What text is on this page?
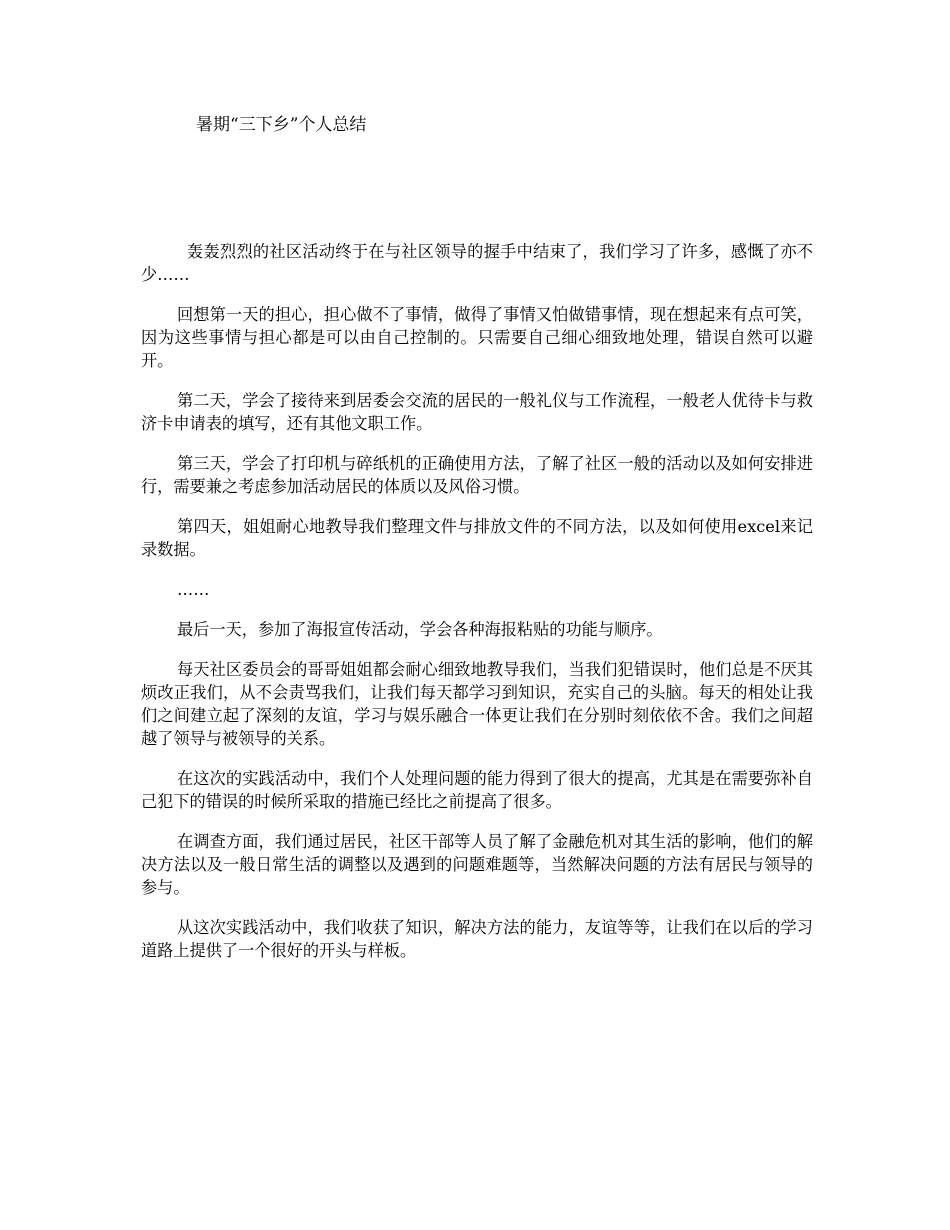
暑期“三下乡”个人总结

轰轰烈烈的社区活动终于在与社区领导的握手中结束了，我们学习了许多，感慨了亦不少……

回想第一天的担心，担心做不了事情，做得了事情又怕做错事情，现在想起来有点可笑，因为这些事情与担心都是可以由自己控制的。只需要自己细心细致地处理，错误自然可以避开。

第二天，学会了接待来到居委会交流的居民的一般礼仪与工作流程，一般老人优待卡与救济卡申请表的填写，还有其他文职工作。

第三天，学会了打印机与碎纸机的正确使用方法，了解了社区一般的活动以及如何安排进行，需要兼之考虑参加活动居民的体质以及风俗习惯。

第四天，姐姐耐心地教导我们整理文件与排放文件的不同方法，以及如何使用excel来记录数据。

……

最后一天，参加了海报宣传活动，学会各种海报粘贴的功能与顺序。

每天社区委员会的哥哥姐姐都会耐心细致地教导我们，当我们犯错误时，他们总是不厌其烦改正我们，从不会责骂我们，让我们每天都学习到知识，充实自己的头脑。每天的相处让我们之间建立起了深刻的友谊，学习与娱乐融合一体更让我们在分别时刻依依不舍。我们之间超越了领导与被领导的关系。

在这次的实践活动中，我们个人处理问题的能力得到了很大的提高，尤其是在需要弥补自己犯下的错误的时候所采取的措施已经比之前提高了很多。

在调查方面，我们通过居民，社区干部等人员了解了金融危机对其生活的影响，他们的解决方法以及一般日常生活的调整以及遇到的问题难题等，当然解决问题的方法有居民与领导的参与。

从这次实践活动中，我们收获了知识，解决方法的能力，友谊等等，让我们在以后的学习道路上提供了一个很好的开头与样板。
